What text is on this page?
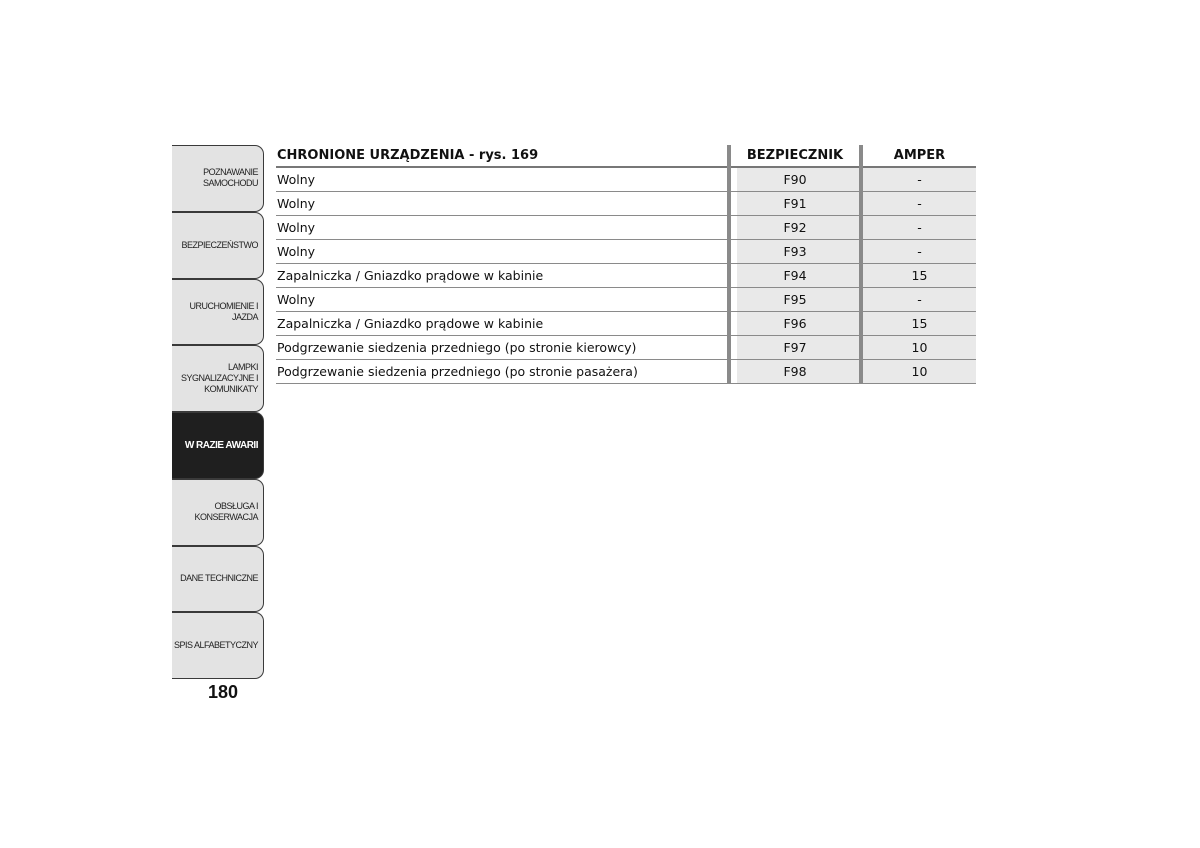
POZNAWANIE
SAMOCHODU
BEZPIECZEŃSTWO
URUCHOMIENIE I
JAZDA
LAMPKI
SYGNALIZACYJNE I
KOMUNIKATY
W RAZIE AWARII
OBSŁUGA I
KONSERWACJA
DANE TECHNICZNE
SPIS ALFABETYCZNY
180
CHRONIONE URZĄDZENIA - rys. 169	BEZPIECZNIK	AMPER
Wolny	F90	-
Wolny	F91	-
Wolny	F92	-
Wolny	F93	-
Zapalniczka / Gniazdko prądowe w kabinie	F94	15
Wolny	F95	-
Zapalniczka / Gniazdko prądowe w kabinie	F96	15
Podgrzewanie siedzenia przedniego (po stronie kierowcy)	F97	10
Podgrzewanie siedzenia przedniego (po stronie pasażera)	F98	10
